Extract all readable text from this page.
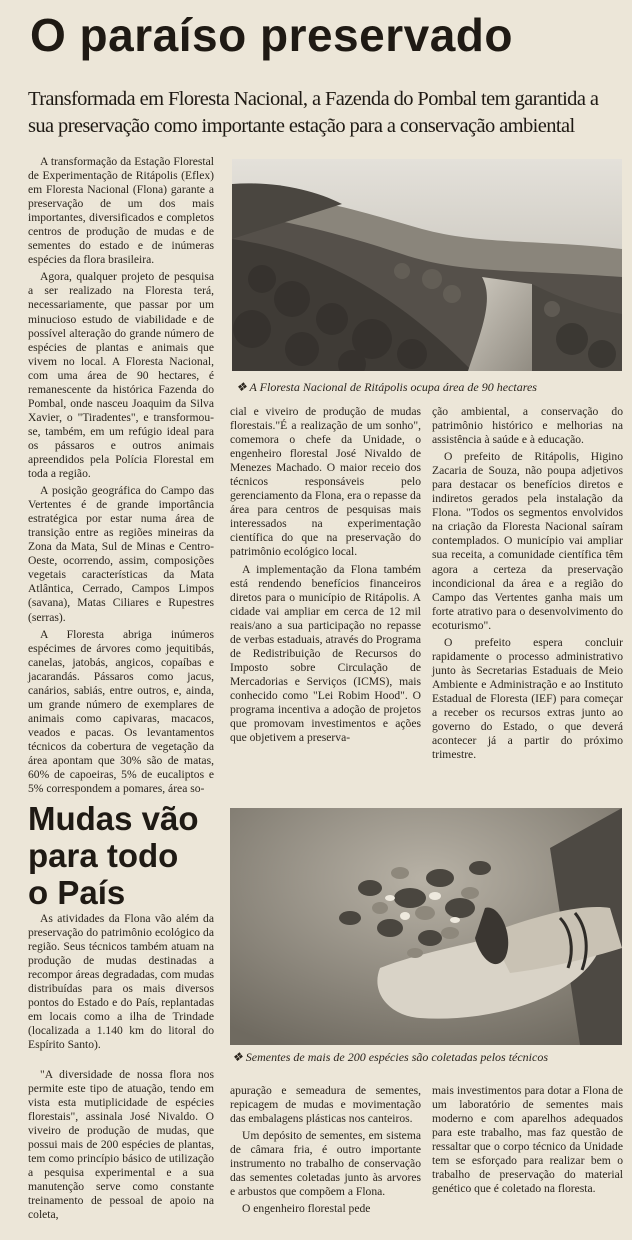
O paraíso preservado
Transformada em Floresta Nacional, a Fazenda do Pombal tem garantida a
sua preservação como importante estação para a conservação ambiental

A transformação da Estação Florestal de Experimentação de Ritápolis (Eflex) em Floresta Nacional (Flona) garante a preservação de um dos mais importantes, diversificados e completos centros de produção de mudas e de sementes do estado e de inúmeras espécies da flora brasileira.

Agora, qualquer projeto de pesquisa a ser realizado na Floresta terá, necessariamente, que passar por um minucioso estudo de viabilidade e de possível alteração do grande número de espécies de plantas e animais que vivem no local. A Floresta Nacional, com uma área de 90 hectares, é remanescente da histórica Fazenda do Pombal, onde nasceu Joaquim da Silva Xavier, o "Tiradentes", e transformou-se, também, em um refúgio ideal para os pássaros e outros animais apreendidos pela Polícia Florestal em toda a região.

A posição geográfica do Campo das Vertentes é de grande importância estratégica por estar numa área de transição entre as regiões mineiras da Zona da Mata, Sul de Minas e Centro-Oeste, ocorrendo, assim, composições vegetais características da Mata Atlântica, Cerrado, Campos Limpos (savana), Matas Ciliares e Rupestres (serras).

A Floresta abriga inúmeros espécimes de árvores como jequitibás, canelas, jatobás, angicos, copaíbas e jacarandás. Pássaros como jacus, canários, sabiás, entre outros, e, ainda, um grande número de exemplares de animais como capivaras, macacos, veados e pacas. Os levantamentos técnicos da cobertura de vegetação da área apontam que 30% são de matas, 60% de capoeiras, 5% de eucaliptos e 5% correspondem a pomares, área so-

❖ A Floresta Nacional de Ritápolis ocupa área de 90 hectares

cial e viveiro de produção de mudas florestais."É a realização de um sonho", comemora o chefe da Unidade, o engenheiro florestal José Nivaldo de Menezes Machado. O maior receio dos técnicos responsáveis pelo gerenciamento da Flona, era o repasse da área para centros de pesquisas mais interessados na experimentação científica do que na preservação do patrimônio ecológico local.

A implementação da Flona também está rendendo benefícios financeiros diretos para o município de Ritápolis. A cidade vai ampliar em cerca de 12 mil reais/ano a sua participação no repasse de verbas estaduais, através do Programa de Redistribuição de Recursos do Imposto sobre Circulação de Mercadorias e Serviços (ICMS), mais conhecido como "Lei Robim Hood". O programa incentiva a adoção de projetos que promovam investimentos e ações que objetivem a preserva-

ção ambiental, a conservação do patrimônio histórico e melhorias na assistência à saúde e à educação.

O prefeito de Ritápolis, Higino Zacaria de Souza, não poupa adjetivos para destacar os benefícios diretos e indiretos gerados pela instalação da Flona. "Todos os segmentos envolvidos na criação da Floresta Nacional saíram contemplados. O município vai ampliar sua receita, a comunidade científica têm agora a certeza da preservação incondicional da área e a região do Campo das Vertentes ganha mais um forte atrativo para o desenvolvimento do ecoturismo".

O prefeito espera concluir rapidamente o processo administrativo junto às Secretarias Estaduais de Meio Ambiente e Administração e ao Instituto Estadual de Floresta (IEF) para começar a receber os recursos extras junto ao governo do Estado, o que deverá acontecer já a partir do próximo trimestre.

Mudas vão
para todo
o País

As atividades da Flona vão além da preservação do patrimônio ecológico da região. Seus técnicos também atuam na produção de mudas destinadas a recompor áreas degradadas, com mudas distribuídas para os mais diversos pontos do Estado e do País, replantadas em locais como a ilha de Trindade (localizada a 1.140 km do litoral do Espírito Santo).

"A diversidade de nossa flora nos permite este tipo de atuação, tendo em vista esta mutiplicidade de espécies florestais", assinala José Nivaldo. O viveiro de produção de mudas, que possui mais de 200 espécies de plantas, tem como princípio básico de utilização a pesquisa experimental e a sua manutenção serve como constante treinamento de pessoal de apoio na coleta,

❖ Sementes de mais de 200 espécies são coletadas pelos técnicos

apuração e semeadura de sementes, repicagem de mudas e movimentação das embalagens plásticas nos canteiros.

Um depósito de sementes, em sistema de câmara fria, é outro importante instrumento no trabalho de conservação das sementes coletadas junto às arvores e arbustos que compõem a Flona.

O engenheiro florestal pede

mais investimentos para dotar a Flona de um laboratório de sementes mais moderno e com aparelhos adequados para este trabalho, mas faz questão de ressaltar que o corpo técnico da Unidade tem se esforçado para realizar bem o trabalho de preservação do material genético que é coletado na floresta.
